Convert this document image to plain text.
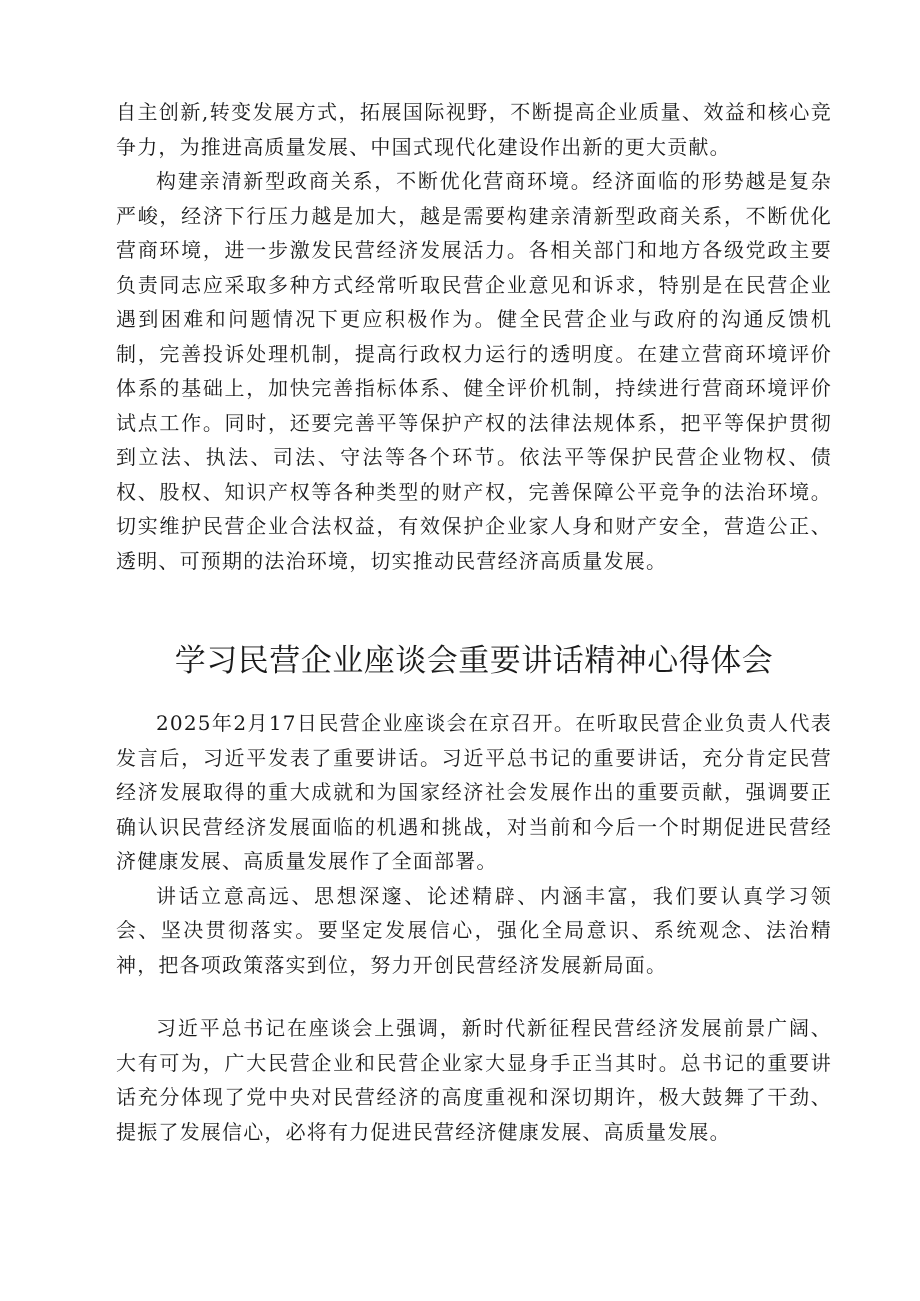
自主创新,转变发展方式，拓展国际视野，不断提高企业质量、效益和核心竞争力，为推进高质量发展、中国式现代化建设作出新的更大贡献。

构建亲清新型政商关系，不断优化营商环境。经济面临的形势越是复杂严峻，经济下行压力越是加大，越是需要构建亲清新型政商关系，不断优化营商环境，进一步激发民营经济发展活力。各相关部门和地方各级党政主要负责同志应采取多种方式经常听取民营企业意见和诉求，特别是在民营企业遇到困难和问题情况下更应积极作为。健全民营企业与政府的沟通反馈机制，完善投诉处理机制，提高行政权力运行的透明度。在建立营商环境评价体系的基础上，加快完善指标体系、健全评价机制，持续进行营商环境评价试点工作。同时，还要完善平等保护产权的法律法规体系，把平等保护贯彻到立法、执法、司法、守法等各个环节。依法平等保护民营企业物权、债权、股权、知识产权等各种类型的财产权，完善保障公平竞争的法治环境。切实维护民营企业合法权益，有效保护企业家人身和财产安全，营造公正、透明、可预期的法治环境，切实推动民营经济高质量发展。

学习民营企业座谈会重要讲话精神心得体会

2025年2月17日民营企业座谈会在京召开。在听取民营企业负责人代表发言后，习近平发表了重要讲话。习近平总书记的重要讲话，充分肯定民营经济发展取得的重大成就和为国家经济社会发展作出的重要贡献，强调要正确认识民营经济发展面临的机遇和挑战，对当前和今后一个时期促进民营经济健康发展、高质量发展作了全面部署。

讲话立意高远、思想深邃、论述精辟、内涵丰富，我们要认真学习领会、坚决贯彻落实。要坚定发展信心，强化全局意识、系统观念、法治精神，把各项政策落实到位，努力开创民营经济发展新局面。

习近平总书记在座谈会上强调，新时代新征程民营经济发展前景广阔、大有可为，广大民营企业和民营企业家大显身手正当其时。总书记的重要讲话充分体现了党中央对民营经济的高度重视和深切期许，极大鼓舞了干劲、提振了发展信心，必将有力促进民营经济健康发展、高质量发展。
